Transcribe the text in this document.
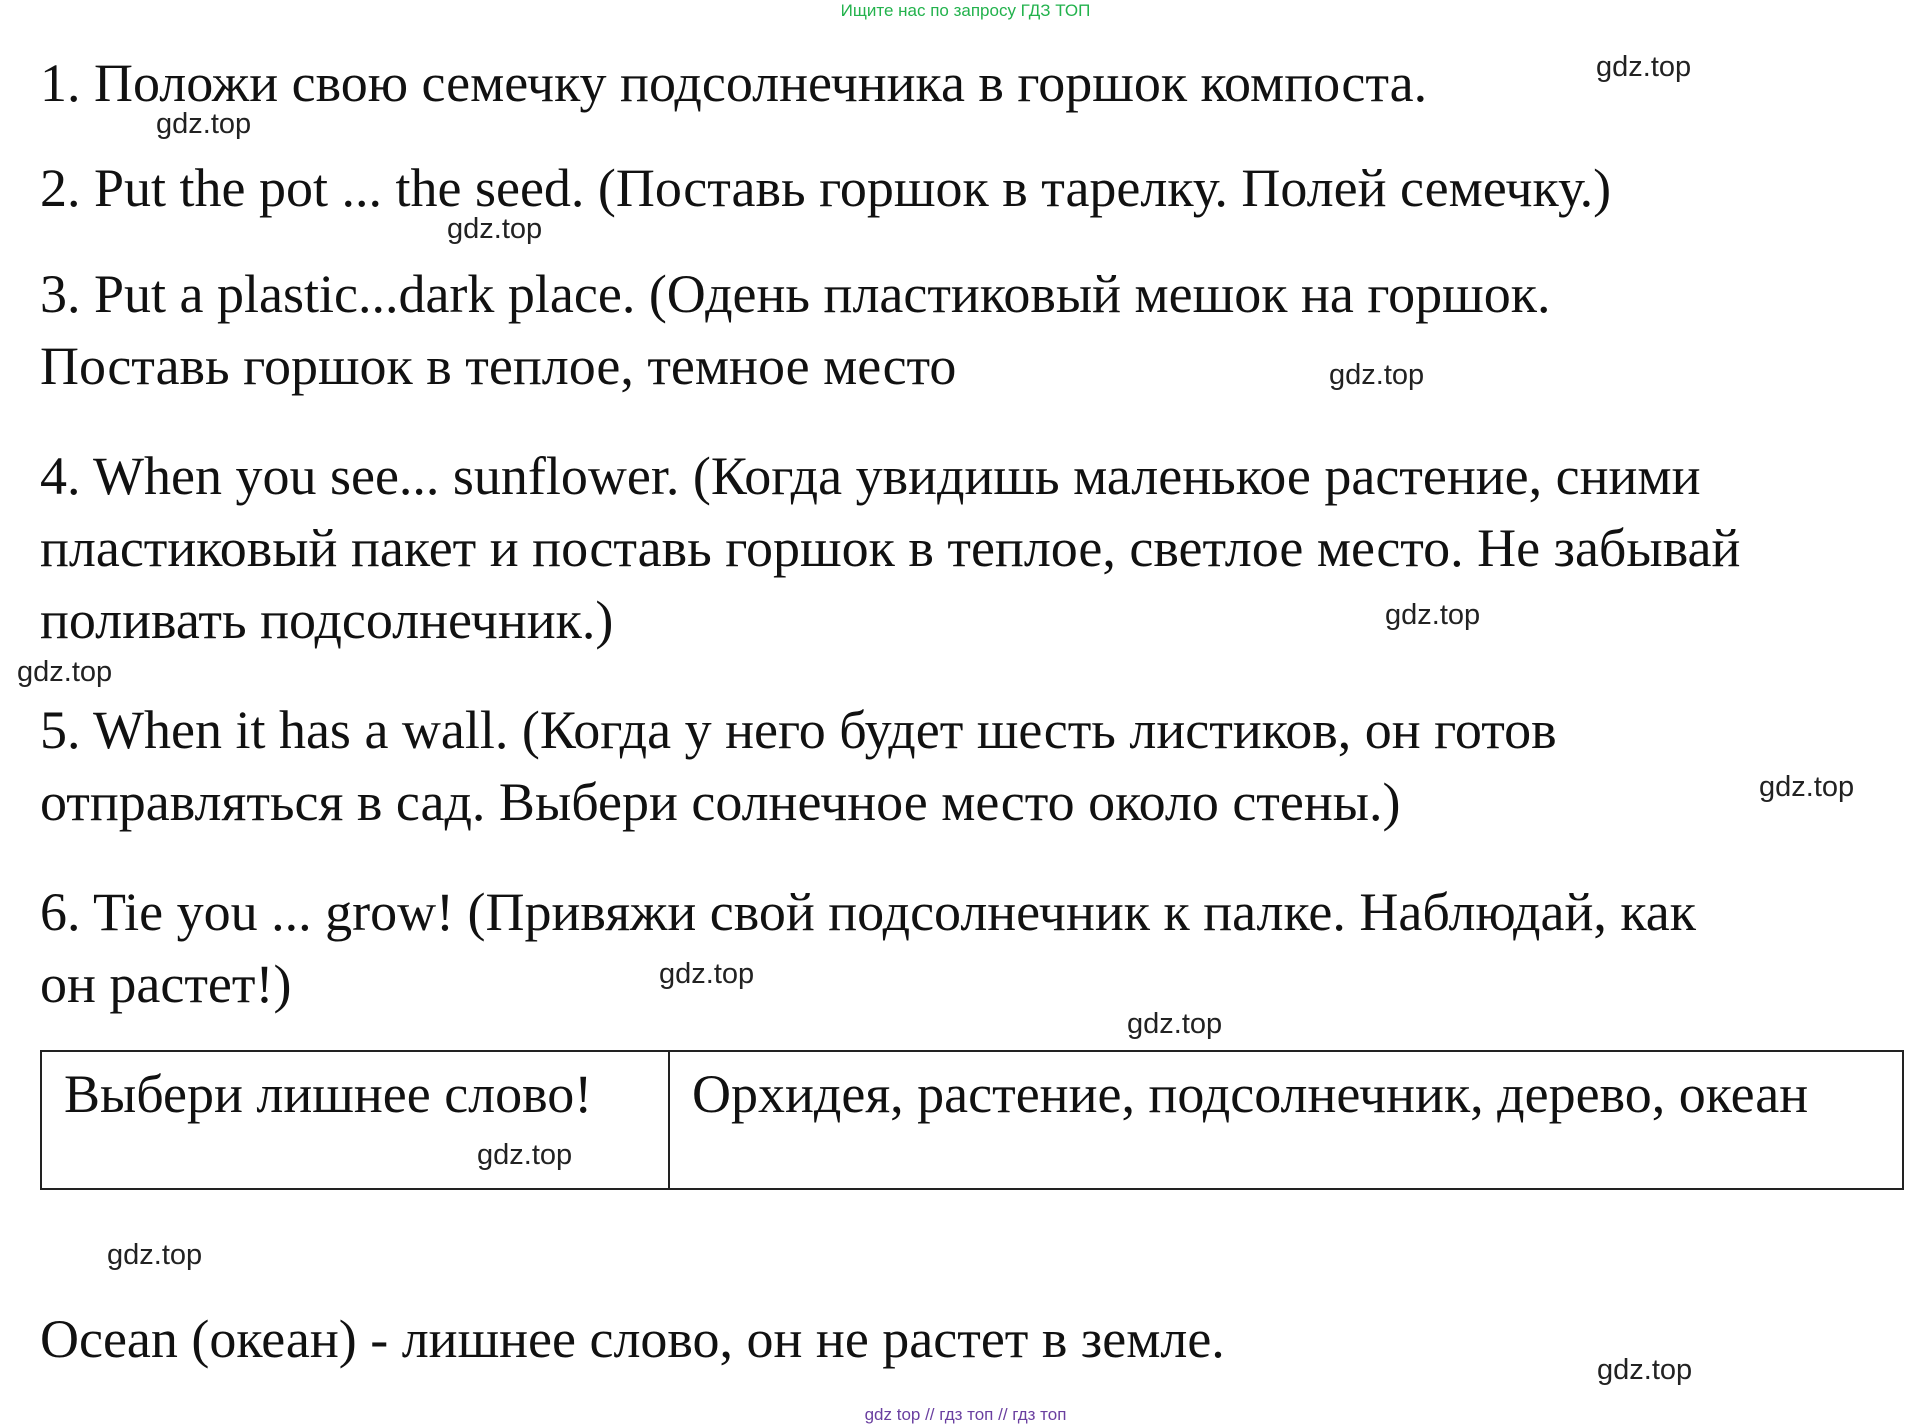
Ищите нас по запросу ГДЗ ТОП
1. Положи свою семечку подсолнечника в горшок компоста.
2. Put the pot ... the seed. (Поставь горшок в тарелку. Полей семечку.)
3. Put a plastic...dark place. (Одень пластиковый мешок на горшок.
Поставь горшок в теплое, темное место
4. When you see... sunflower. (Когда увидишь маленькое растение, сними
пластиковый пакет и поставь горшок в теплое, светлое место. Не забывай
поливать подсолнечник.)
5. When it has a wall. (Когда у него будет шесть листиков, он готов
отправляться в сад. Выбери солнечное место около стены.)
6. Tie you ... grow! (Привяжи свой подсолнечник к палке. Наблюдай, как
он растет!)
Выбери лишнее слово!	Орхидея, растение, подсолнечник, дерево, океан
Ocean (океан) - лишнее слово, он не растет в земле.
gdz.top
gdz.top
gdz.top
gdz.top
gdz.top
gdz.top
gdz.top
gdz.top
gdz.top
gdz.top
gdz.top
gdz.top
gdz top // гдз топ // гдз топ
